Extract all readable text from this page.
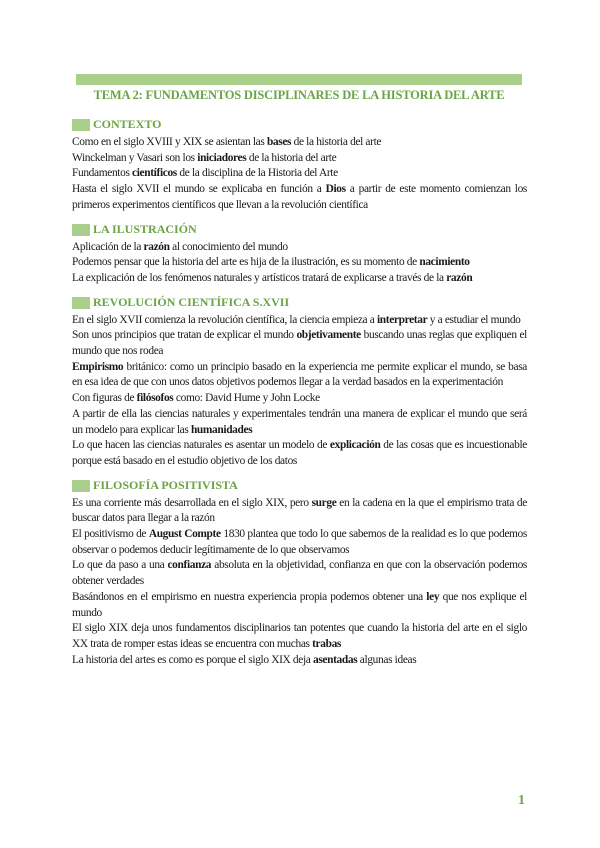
TEMA 2: FUNDAMENTOS DISCIPLINARES DE LA HISTORIA DEL ARTE
CONTEXTO

Como en el siglo XVIII y XIX se asientan las bases de la historia del arte

Winckelman y Vasari son los iniciadores de la historia del arte

Fundamentos científicos de la disciplina de la Historia del Arte

Hasta el siglo XVII el mundo se explicaba en función a Dios a partir de este momento comienzan los primeros experimentos científicos que llevan a la revolución científica

LA ILUSTRACIÓN

Aplicación de la razón al conocimiento del mundo

Podemos pensar que la historia del arte es hija de la ilustración, es su momento de nacimiento

La explicación de los fenómenos naturales y artísticos tratará de explicarse a través de la razón

REVOLUCIÓN CIENTÍFICA S.XVII

En el siglo XVII comienza la revolución científica, la ciencia empieza a interpretar y a estudiar el mundo

Son unos principios que tratan de explicar el mundo objetivamente buscando unas reglas que expliquen el mundo que nos rodea

Empirismo británico: como un principio basado en la experiencia me permite explicar el mundo, se basa en esa idea de que con unos datos objetivos podemos llegar a la verdad basados en la experimentación

Con figuras de filósofos como: David Hume y John Locke

A partir de ella las ciencias naturales y experimentales tendrán una manera de explicar el mundo que será un modelo para explicar las humanidades

Lo que hacen las ciencias naturales es asentar un modelo de explicación de las cosas que es incuestionable porque está basado en el estudio objetivo de los datos

FILOSOFÍA POSITIVISTA

Es una corriente más desarrollada en el siglo XIX, pero surge en la cadena en la que el empirismo trata de buscar datos para llegar a la razón

El positivismo de August Compte 1830 plantea que todo lo que sabemos de la realidad es lo que podemos observar o podemos deducir legítimamente de lo que observamos

Lo que da paso a una confianza absoluta en la objetividad, confianza en que con la observación podemos obtener verdades

Basándonos en el empirismo en nuestra experiencia propia podemos obtener una ley que nos explique el mundo

El siglo XIX deja unos fundamentos disciplinarios tan potentes que cuando la historia del arte en el siglo XX trata de romper estas ideas se encuentra con muchas trabas

La historia del artes es como es porque el siglo XIX deja asentadas algunas ideas

1
